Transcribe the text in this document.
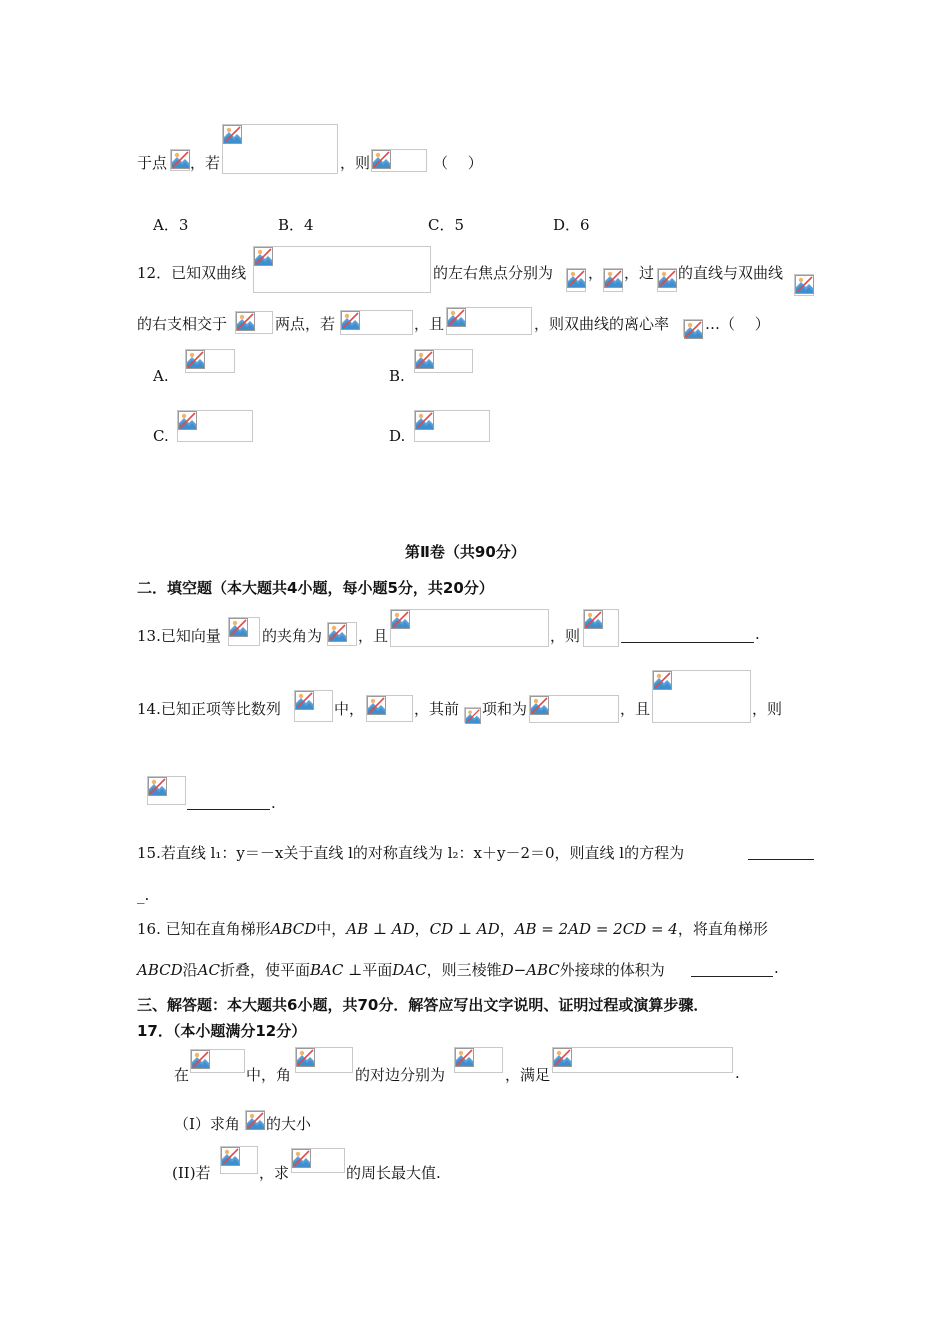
于点 ，若	，则	（　 ）
A．3	B．4	C．5	D．6
12．已知双曲线	的左右焦点分别为 ， ，过 的直线与双曲线
的右支相交于	两点，若	，且	，则双曲线的离心率 …（　 ）
A.	B.
C.	D.
第Ⅱ卷（共90分）
二．填空题（本大题共4小题，每小题5分，共20分）
13.已知向量	的夹角为 ，且	，则	.
14.已知正项等比数列	中，	，其前 项和为	，且	，则
.
15.若直线 l₁：y＝－x关于直线 l的对称直线为 l₂：x＋y－2＝0，则直线 l的方程为
_.
16. 已知在直角梯形ABCD中，AB ⊥ AD，CD ⊥ AD，AB = 2AD = 2CD = 4，将直角梯形
ABCD沿AC折叠，使平面BAC ⊥平面DAC，则三棱锥D−ABC外接球的体积为	.
三、解答题：本大题共6小题，共70分．解答应写出文字说明、证明过程或演算步骤．
17．（本小题满分12分）
在	中，角	的对边分别为	，满足	.
（I）求角 的大小
(II)若	，求	的周长最大值.
